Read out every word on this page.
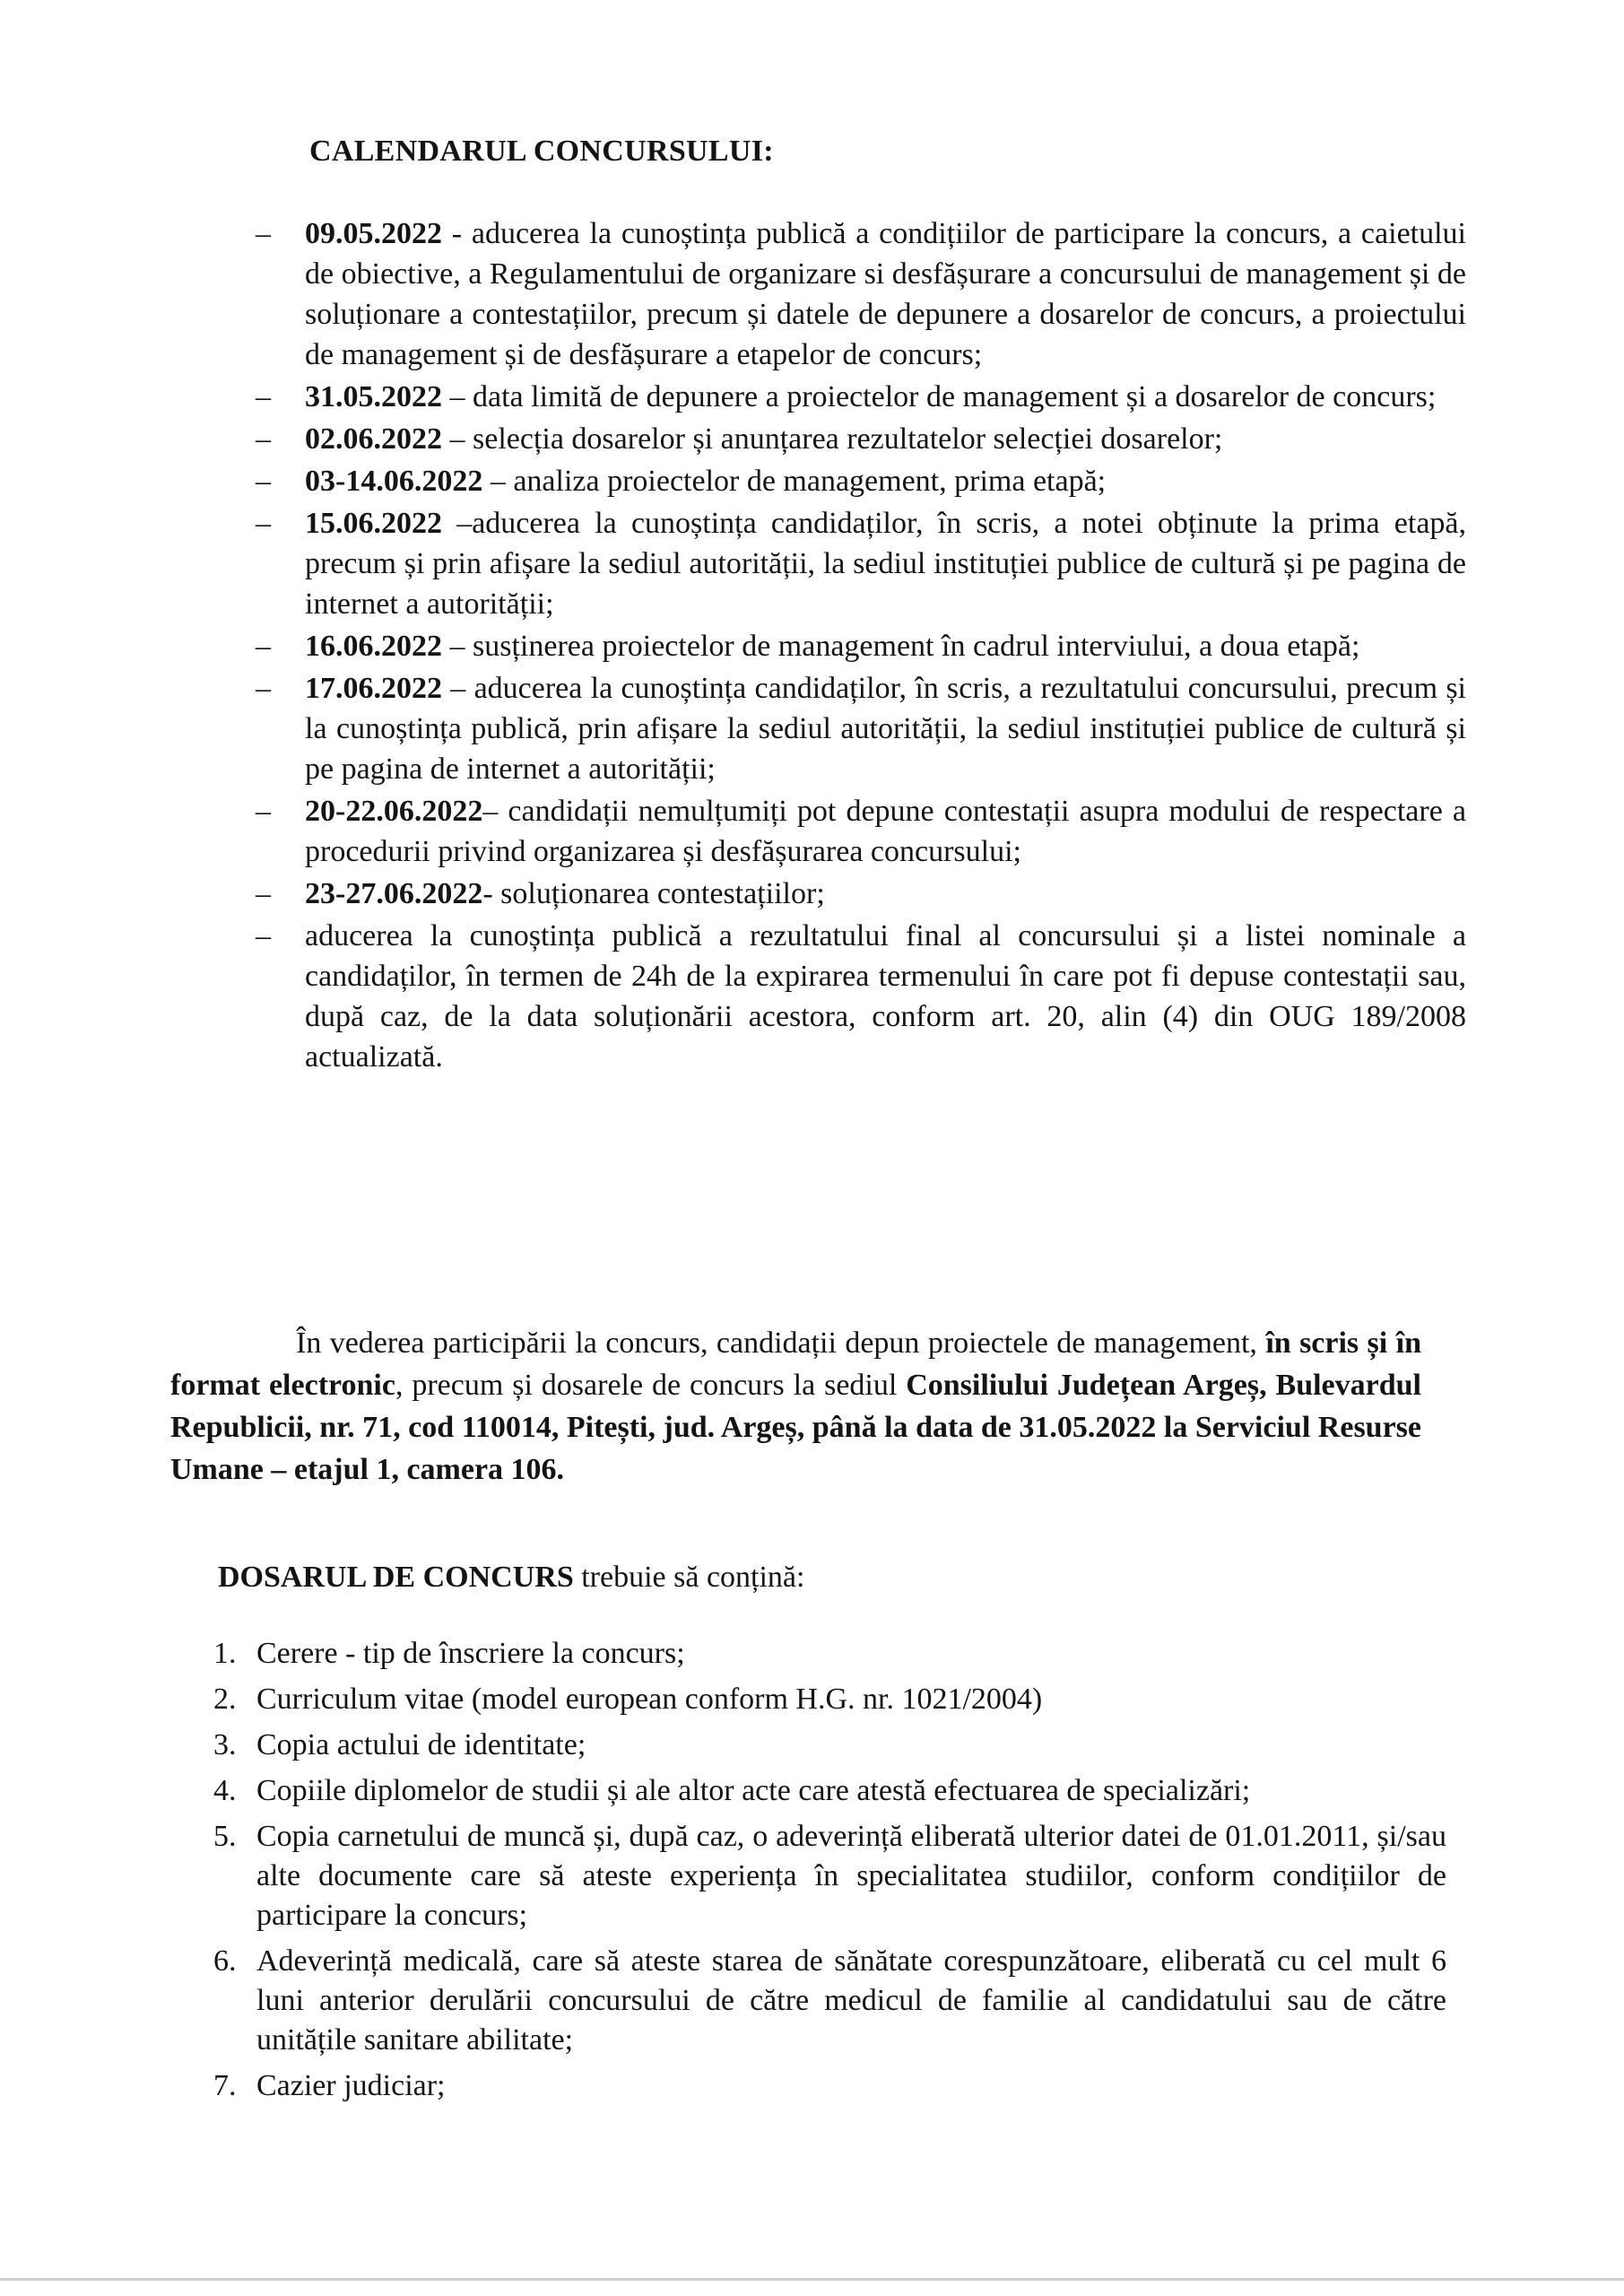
CALENDARUL CONCURSULUI:
– 09.05.2022 - aducerea la cunoștința publică a condițiilor de participare la concurs, a caietului de obiective, a Regulamentului de organizare si desfășurare a concursului de management și de soluționare a contestațiilor, precum și datele de depunere a dosarelor de concurs, a proiectului de management și de desfășurare a etapelor de concurs;
– 31.05.2022 – data limită de depunere a proiectelor de management și a dosarelor de concurs;
– 02.06.2022 – selecția dosarelor și anunțarea rezultatelor selecției dosarelor;
– 03-14.06.2022 – analiza proiectelor de management, prima etapă;
– 15.06.2022 –aducerea la cunoștința candidaților, în scris, a notei obținute la prima etapă, precum și prin afișare la sediul autorității, la sediul instituției publice de cultură și pe pagina de internet a autorității;
– 16.06.2022 – susținerea proiectelor de management în cadrul interviului, a doua etapă;
– 17.06.2022 – aducerea la cunoștința candidaților, în scris, a rezultatului concursului, precum și la cunoștința publică, prin afișare la sediul autorității, la sediul instituției publice de cultură și pe pagina de internet a autorității;
– 20-22.06.2022– candidații nemulțumiți pot depune contestații asupra modului de respectare a procedurii privind organizarea și desfășurarea concursului;
– 23-27.06.2022- soluționarea contestațiilor;
– aducerea la cunoștința publică a rezultatului final al concursului și a listei nominale a candidaților, în termen de 24h de la expirarea termenului în care pot fi depuse contestații sau, după caz, de la data soluționării acestora, conform art. 20, alin (4) din OUG 189/2008 actualizată.
În vederea participării la concurs, candidații depun proiectele de management, în scris și în format electronic, precum și dosarele de concurs la sediul Consiliului Județean Argeș, Bulevardul Republicii, nr. 71, cod 110014, Pitești, jud. Argeș, până la data de 31.05.2022 la Serviciul Resurse Umane – etajul 1, camera 106.
DOSARUL DE CONCURS trebuie să conțină:
1. Cerere - tip de înscriere la concurs;
2. Curriculum vitae (model european conform H.G. nr. 1021/2004)
3. Copia actului de identitate;
4. Copiile diplomelor de studii și ale altor acte care atestă efectuarea de specializări;
5. Copia carnetului de muncă și, după caz, o adeverință eliberată ulterior datei de 01.01.2011, și/sau alte documente care să ateste experiența în specialitatea studiilor, conform condițiilor de participare la concurs;
6. Adeverință medicală, care să ateste starea de sănătate corespunzătoare, eliberată cu cel mult 6 luni anterior derulării concursului de către medicul de familie al candidatului sau de către unitățile sanitare abilitate;
7. Cazier judiciar;
